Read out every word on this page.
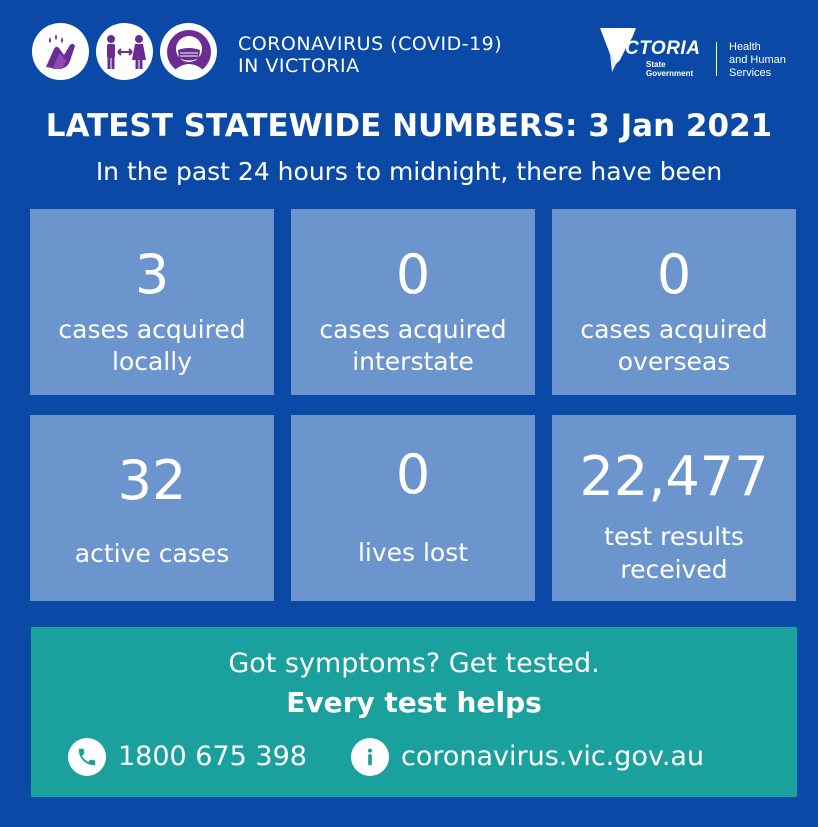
CORONAVIRUS (COVID-19)
IN VICTORIA
VICTORIA
State
Government
Health
and Human
Services
LATEST STATEWIDE NUMBERS: 3 Jan 2021
In the past 24 hours to midnight, there have been
3
cases acquired
locally
0
cases acquired
interstate
0
cases acquired
overseas
32
active cases
0
lives lost
22,477
test results
received
Got symptoms? Get tested.
Every test helps
1800 675 398	coronavirus.vic.gov.au
